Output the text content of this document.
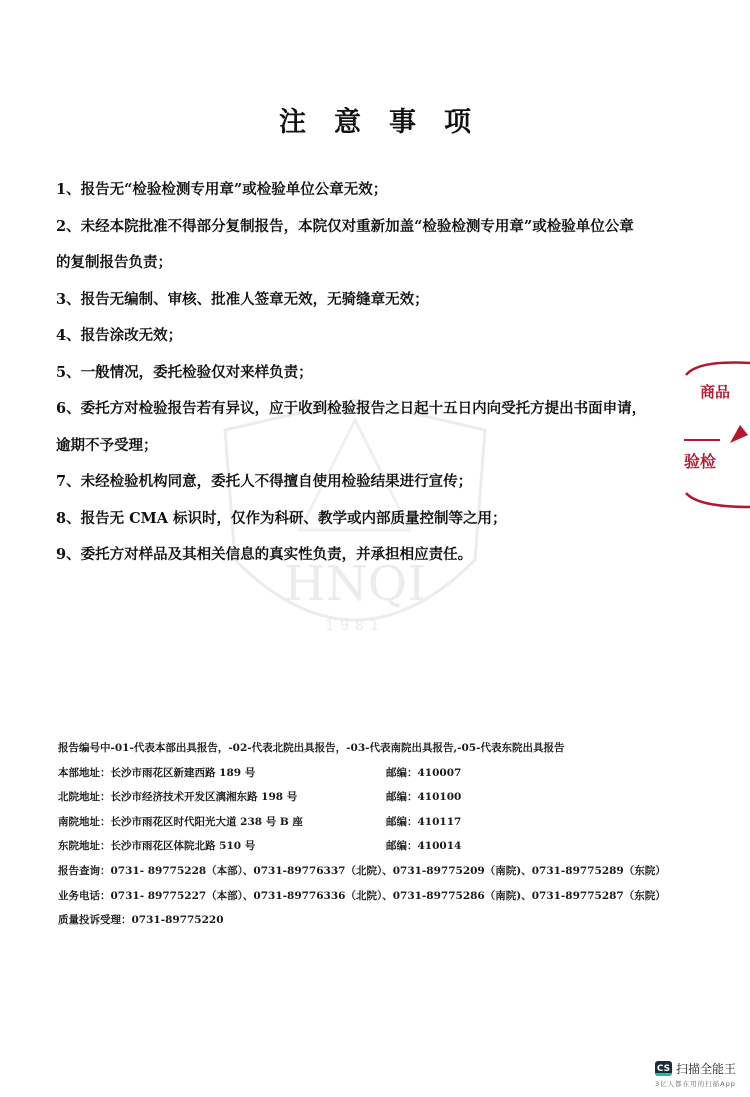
HNQI
1981
注意事项
1、报告无“检验检测专用章”或检验单位公章无效；
2、未经本院批准不得部分复制报告，本院仅对重新加盖“检验检测专用章”或检验单位公章
的复制报告负责；
3、报告无编制、审核、批准人签章无效，无骑缝章无效；
4、报告涂改无效；
5、一般情况，委托检验仅对来样负责；
6、委托方对检验报告若有异议，应于收到检验报告之日起十五日内向受托方提出书面申请，
逾期不予受理；
7、未经检验机构同意，委托人不得擅自使用检验结果进行宣传；
8、报告无 CMA 标识时，仅作为科研、教学或内部质量控制等之用；
9、委托方对样品及其相关信息的真实性负责，并承担相应责任。
报告编号中-01-代表本部出具报告，-02-代表北院出具报告，-03-代表南院出具报告,-05-代表东院出具报告
本部地址：长沙市雨花区新建西路 189 号	邮编：410007
北院地址：长沙市经济技术开发区漓湘东路 198 号	邮编：410100
南院地址：长沙市雨花区时代阳光大道 238 号 B 座	邮编：410117
东院地址：长沙市雨花区体院北路 510 号	邮编：410014
报告查询：0731- 89775228（本部）、0731-89776337（北院）、0731-89775209（南院)、0731-89775289（东院）
业务电话：0731- 89775227（本部）、0731-89776336（北院）、0731-89775286（南院)、0731-89775287（东院）
质量投诉受理：0731-89775220
商品
验检
CS 扫描全能王
3亿人都在用的扫描App
